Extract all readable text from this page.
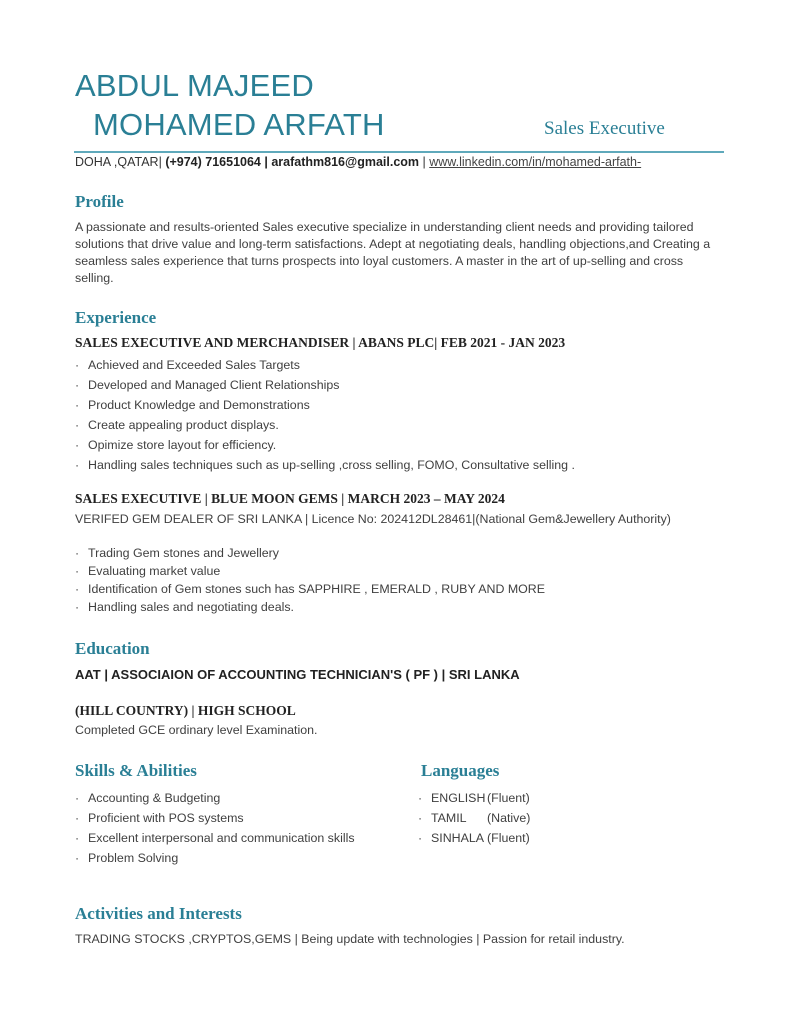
ABDUL MAJEED
MOHAMED ARFATH	Sales Executive
DOHA ,QATAR| (+974) 71651064 | arafathm816@gmail.com | www.linkedin.com/in/mohamed-arfath-
Profile
A passionate and results-oriented Sales executive specialize in understanding client needs and providing tailored solutions that drive value and long-term satisfactions. Adept at negotiating deals, handling objections,and Creating a seamless sales experience that turns prospects into loyal customers. A master in the art of up-selling and cross selling.
Experience
SALES EXECUTIVE AND MERCHANDISER | ABANS PLC| FEB 2021 - JAN 2023
· Achieved and Exceeded Sales Targets
· Developed and Managed Client Relationships
· Product Knowledge and Demonstrations
· Create appealing product displays.
· Opimize store layout for efficiency.
· Handling sales techniques such as up-selling ,cross selling, FOMO, Consultative selling .
SALES EXECUTIVE | BLUE MOON GEMS | MARCH 2023 – MAY 2024
VERIFED GEM DEALER OF SRI LANKA | Licence No: 202412DL28461|(National Gem&Jewellery Authority)
· Trading Gem stones and Jewellery
· Evaluating market value
· Identification of Gem stones such has SAPPHIRE , EMERALD , RUBY AND MORE
· Handling sales and negotiating deals.
Education
AAT | ASSOCIAION OF ACCOUNTING TECHNICIAN'S ( PF ) | SRI LANKA
(HILL COUNTRY) | HIGH SCHOOL
Completed GCE ordinary level Examination.
Skills & Abilities
· Accounting & Budgeting
· Proficient with POS systems
· Excellent interpersonal and communication skills
· Problem Solving
Languages
· ENGLISH (Fluent)
· TAMIL (Native)
· SINHALA (Fluent)
Activities and Interests
TRADING STOCKS ,CRYPTOS,GEMS | Being update with technologies | Passion for retail industry.
